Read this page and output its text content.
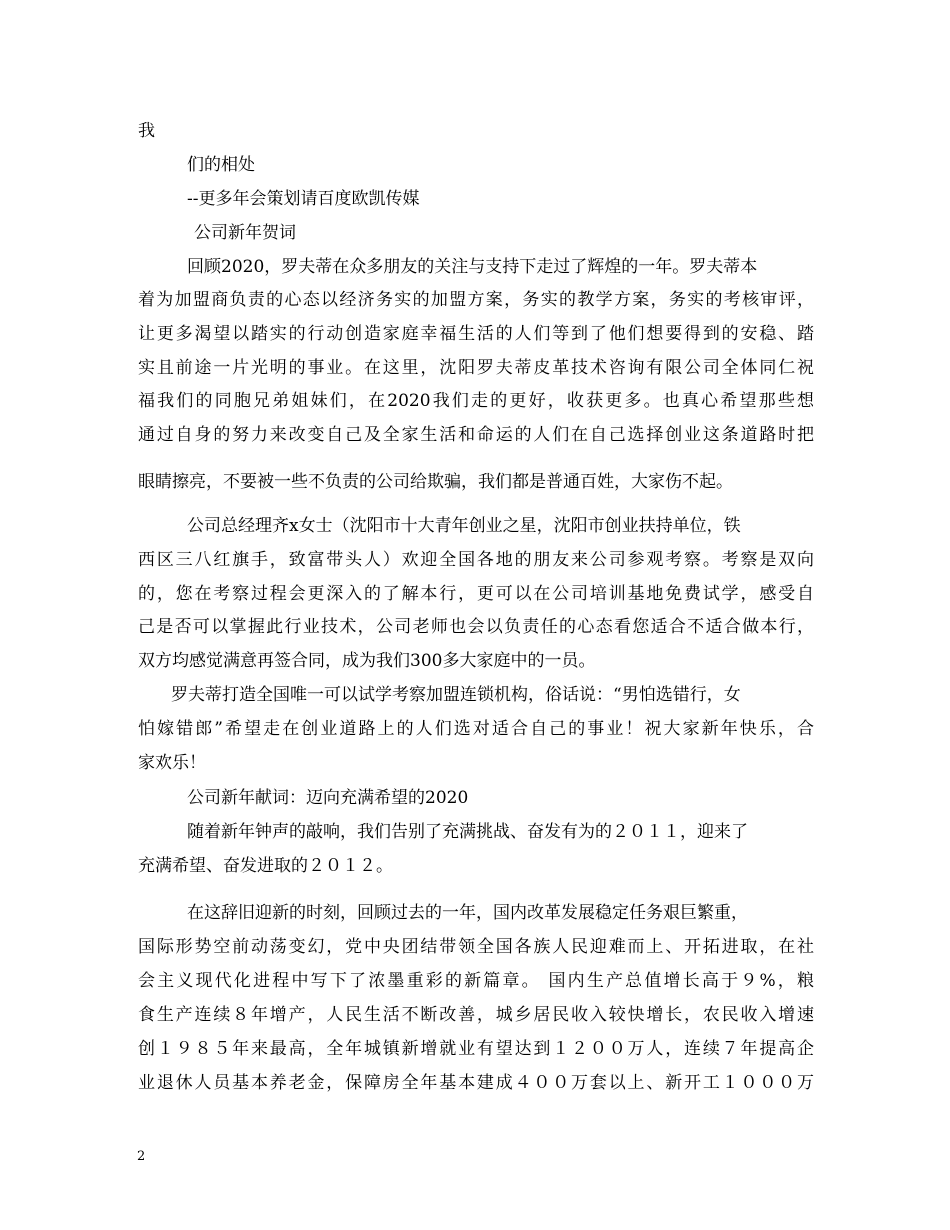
我
们的相处
--更多年会策划请百度欧凯传媒
公司新年贺词
回顾2020，罗夫蒂在众多朋友的关注与支持下走过了辉煌的一年。罗夫蒂本
着为加盟商负责的心态以经济务实的加盟方案，务实的教学方案，务实的考核审评，
让更多渴望以踏实的行动创造家庭幸福生活的人们等到了他们想要得到的安稳、踏
实且前途一片光明的事业。在这里，沈阳罗夫蒂皮革技术咨询有限公司全体同仁祝
福我们的同胞兄弟姐妹们，在2020我们走的更好，收获更多。也真心希望那些想
通过自身的努力来改变自己及全家生活和命运的人们在自己选择创业这条道路时把
眼睛擦亮，不要被一些不负责的公司给欺骗，我们都是普通百姓，大家伤不起。
公司总经理齐x女士（沈阳市十大青年创业之星，沈阳市创业扶持单位，铁
西区三八红旗手，致富带头人）欢迎全国各地的朋友来公司参观考察。考察是双向
的，您在考察过程会更深入的了解本行，更可以在公司培训基地免费试学，感受自
己是否可以掌握此行业技术，公司老师也会以负责任的心态看您适合不适合做本行，
双方均感觉满意再签合同，成为我们300多大家庭中的一员。
罗夫蒂打造全国唯一可以试学考察加盟连锁机构，俗话说：“男怕选错行，女
怕嫁错郎”希望走在创业道路上的人们选对适合自己的事业！祝大家新年快乐，合
家欢乐！
公司新年献词：迈向充满希望的2020
随着新年钟声的敲响，我们告别了充满挑战、奋发有为的２０１１，迎来了
充满希望、奋发进取的２０１２。
在这辞旧迎新的时刻，回顾过去的一年，国内改革发展稳定任务艰巨繁重，
国际形势空前动荡变幻，党中央团结带领全国各族人民迎难而上、开拓进取，在社
会主义现代化进程中写下了浓墨重彩的新篇章。 国内生产总值增长高于９%，粮
食生产连续８年增产，人民生活不断改善，城乡居民收入较快增长，农民收入增速
创１９８５年来最高，全年城镇新增就业有望达到１２００万人，连续７年提高企
业退休人员基本养老金，保障房全年基本建成４００万套以上、新开工１０００万
2
